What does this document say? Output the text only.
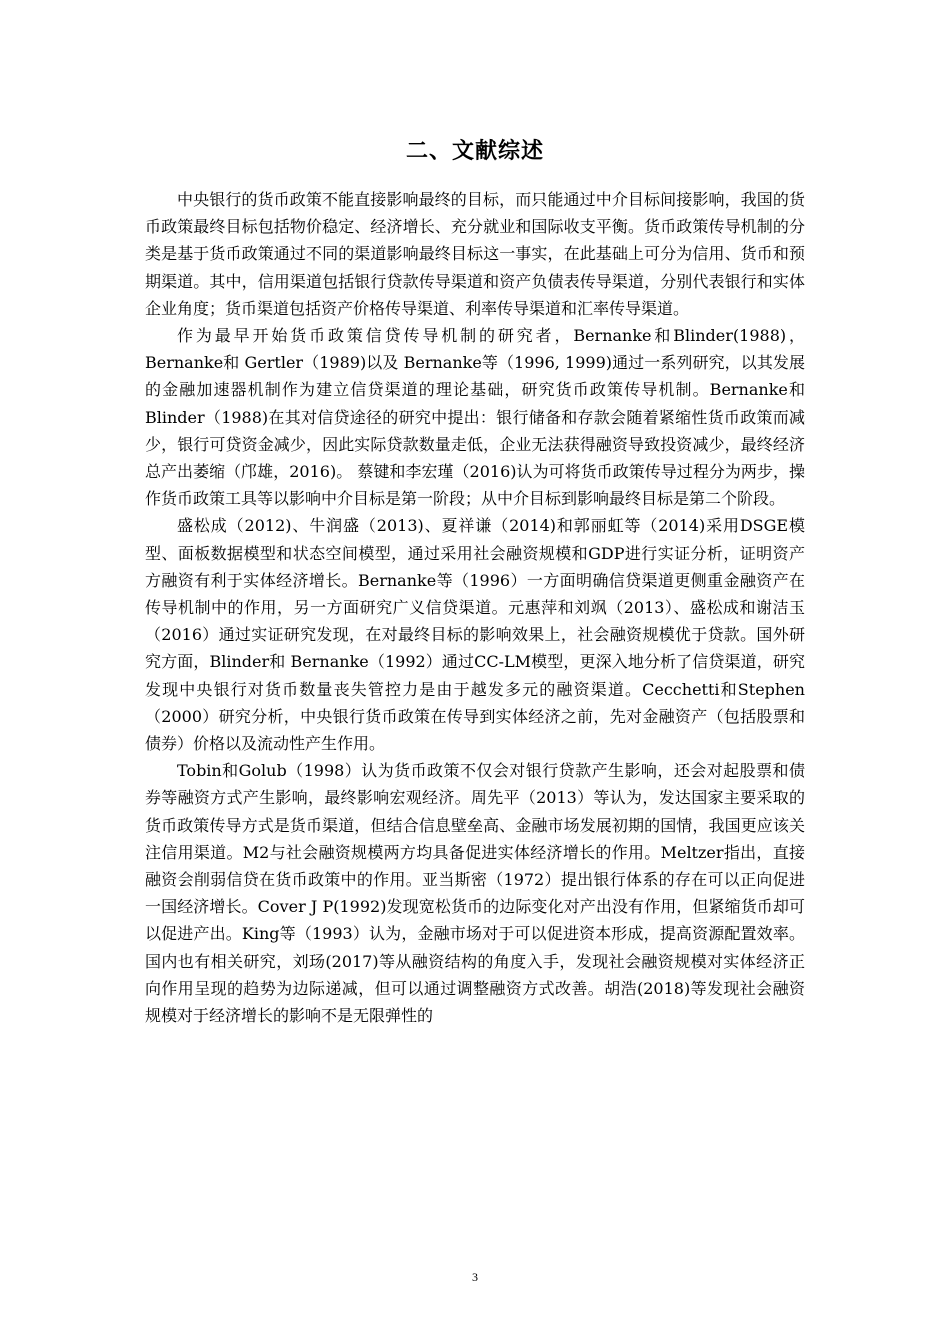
二、文献综述

中央银行的货币政策不能直接影响最终的目标，而只能通过中介目标间接影响，我国的货币政策最终目标包括物价稳定、经济增长、充分就业和国际收支平衡。货币政策传导机制的分类是基于货币政策通过不同的渠道影响最终目标这一事实，在此基础上可分为信用、货币和预期渠道。其中，信用渠道包括银行贷款传导渠道和资产负债表传导渠道，分别代表银行和实体企业角度；货币渠道包括资产价格传导渠道、利率传导渠道和汇率传导渠道。

作为最早开始货币政策信贷传导机制的研究者，Bernanke和Blinder(1988)，Bernanke和 Gertler（1989)以及 Bernanke等（1996, 1999)通过一系列研究，以其发展的金融加速器机制作为建立信贷渠道的理论基础，研究货币政策传导机制。Bernanke和Blinder（1988)在其对信贷途径的研究中提出：银行储备和存款会随着紧缩性货币政策而减少，银行可贷资金减少，因此实际贷款数量走低，企业无法获得融资导致投资减少，最终经济总产出萎缩（邝雄，2016)。 蔡键和李宏瑾（2016)认为可将货币政策传导过程分为两步，操作货币政策工具等以影响中介目标是第一阶段；从中介目标到影响最终目标是第二个阶段。

盛松成（2012)、牛润盛（2013)、夏祥谦（2014)和郭丽虹等（2014)采用DSGE模型、面板数据模型和状态空间模型，通过采用社会融资规模和GDP进行实证分析，证明资产方融资有利于实体经济增长。Bernanke等（1996）一方面明确信贷渠道更侧重金融资产在传导机制中的作用，另一方面研究广义信贷渠道。元惠萍和刘飒（2013）、盛松成和谢洁玉（2016）通过实证研究发现，在对最终目标的影响效果上，社会融资规模优于贷款。国外研究方面，Blinder和 Bernanke（1992）通过CC-LM模型，更深入地分析了信贷渠道，研究发现中央银行对货币数量丧失管控力是由于越发多元的融资渠道。Cecchetti和Stephen（2000）研究分析，中央银行货币政策在传导到实体经济之前，先对金融资产（包括股票和债券）价格以及流动性产生作用。

Tobin和Golub（1998）认为货币政策不仅会对银行贷款产生影响，还会对起股票和债券等融资方式产生影响，最终影响宏观经济。周先平（2013）等认为，发达国家主要采取的货币政策传导方式是货币渠道，但结合信息壁垒高、金融市场发展初期的国情，我国更应该关注信用渠道。M2与社会融资规模两方均具备促进实体经济增长的作用。Meltzer指出，直接融资会削弱信贷在货币政策中的作用。亚当斯密（1972）提出银行体系的存在可以正向促进一国经济增长。Cover J P(1992)发现宽松货币的边际变化对产出没有作用，但紧缩货币却可以促进产出。King等（1993）认为，金融市场对于可以促进资本形成，提高资源配置效率。国内也有相关研究，刘玚(2017)等从融资结构的角度入手，发现社会融资规模对实体经济正向作用呈现的趋势为边际递减，但可以通过调整融资方式改善。胡浩(2018)等发现社会融资规模对于经济增长的影响不是无限弹性的

3
